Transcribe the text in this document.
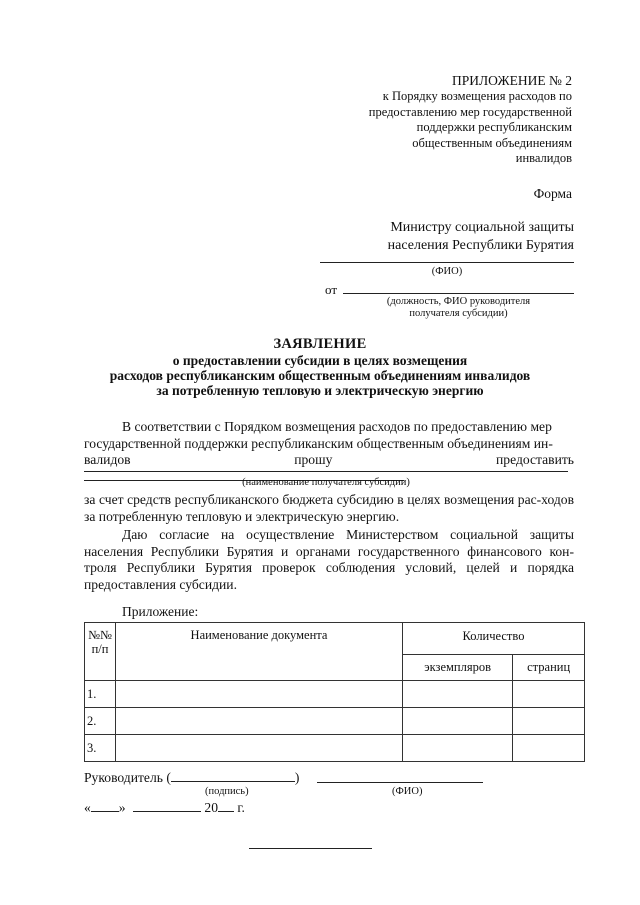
ПРИЛОЖЕНИЕ № 2
к Порядку возмещения расходов по
предоставлению мер государственной
поддержки республиканским
общественным объединениям
инвалидов
Форма
Министру социальной защиты
населения Республики Бурятия
(ФИО)
от
(должность, ФИО руководителя
получателя субсидии)
ЗАЯВЛЕНИЕ
о предоставлении субсидии в целях возмещения
расходов республиканским общественным объединениям инвалидов
за потребленную тепловую и электрическую энергию
В соответствии с Порядком возмещения расходов по предоставлению мер
государственной поддержки республиканским общественным объединениям ин-
валидов прошу предоставить
(наименование получателя субсидии)
за счет средств республиканского бюджета субсидию в целях возмещения рас-ходов за потребленную тепловую и электрическую энергию.
Даю согласие на осуществление Министерством социальной защиты населения Республики Бурятия и органами государственного финансового кон-троля Республики Бурятия проверок соблюдения условий, целей и порядка предоставления субсидии.
Приложение:
№№ п/п	Наименование документа	Количество	
		экземпляров	страниц
1.			
2.			
3.			
Руководитель (	)
(подпись)	(ФИО)
« »	20 г.
